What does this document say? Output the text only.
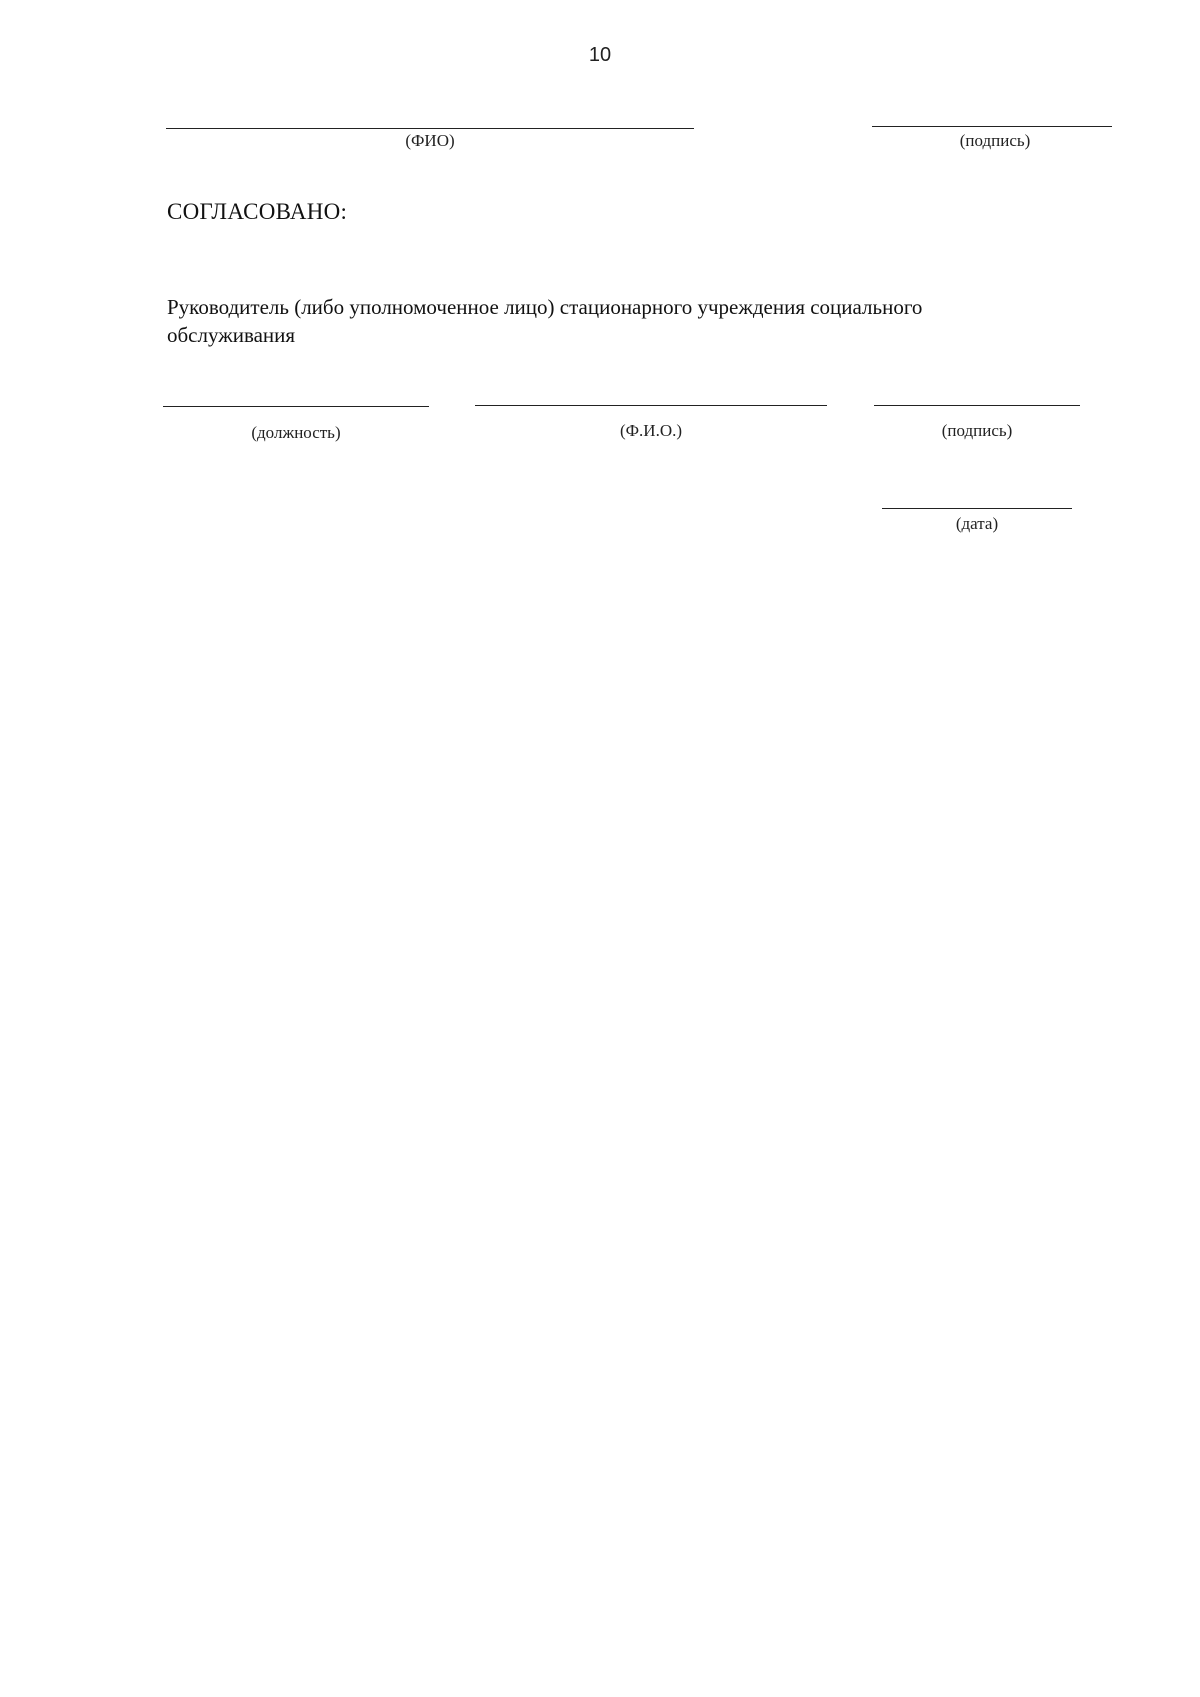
10
(ФИО)	(подпись)
СОГЛАСОВАНО:
Руководитель (либо уполномоченное лицо) стационарного учреждения социального
обслуживания
(должность)	(Ф.И.О.)	(подпись)
(дата)
